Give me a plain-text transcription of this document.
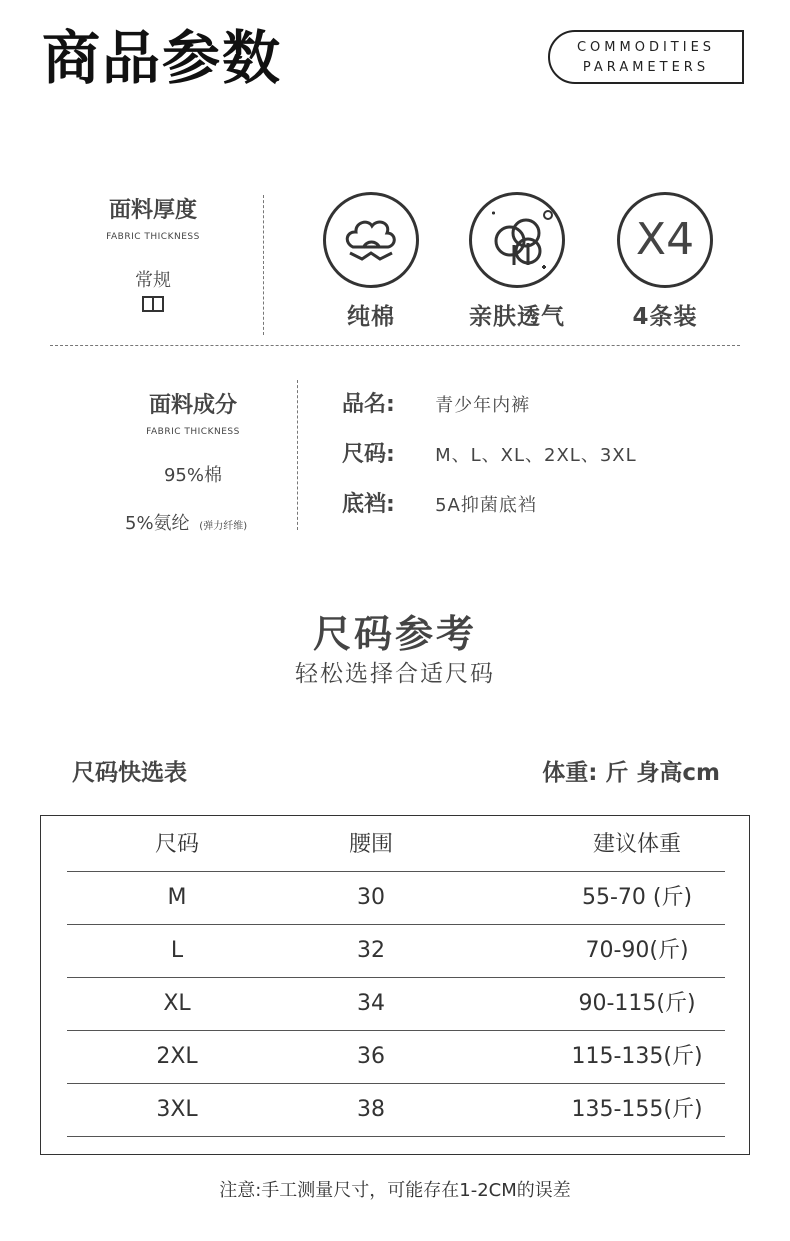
商品参数	COMMODITIES
PARAMETERS
面料厚度
FABRIC THICKNESS
常规
纯棉	亲肤透气
X4
4条装
面料成分
FABRIC THICKNESS
95%棉
5%氨纶 (弹力纤维)
品名: 青少年内裤
尺码: M、L、XL、2XL、3XL
底裆: 5A抑菌底裆
尺码参考
轻松选择合适尺码
尺码快选表	体重: 斤 身高cm
尺码	腰围	建议体重
M	30	55-70 (斤)
L	32	70-90(斤)
XL	34	90-115(斤)
2XL	36	115-135(斤)
3XL	38	135-155(斤)
注意:手工测量尺寸，可能存在1-2CM的误差
